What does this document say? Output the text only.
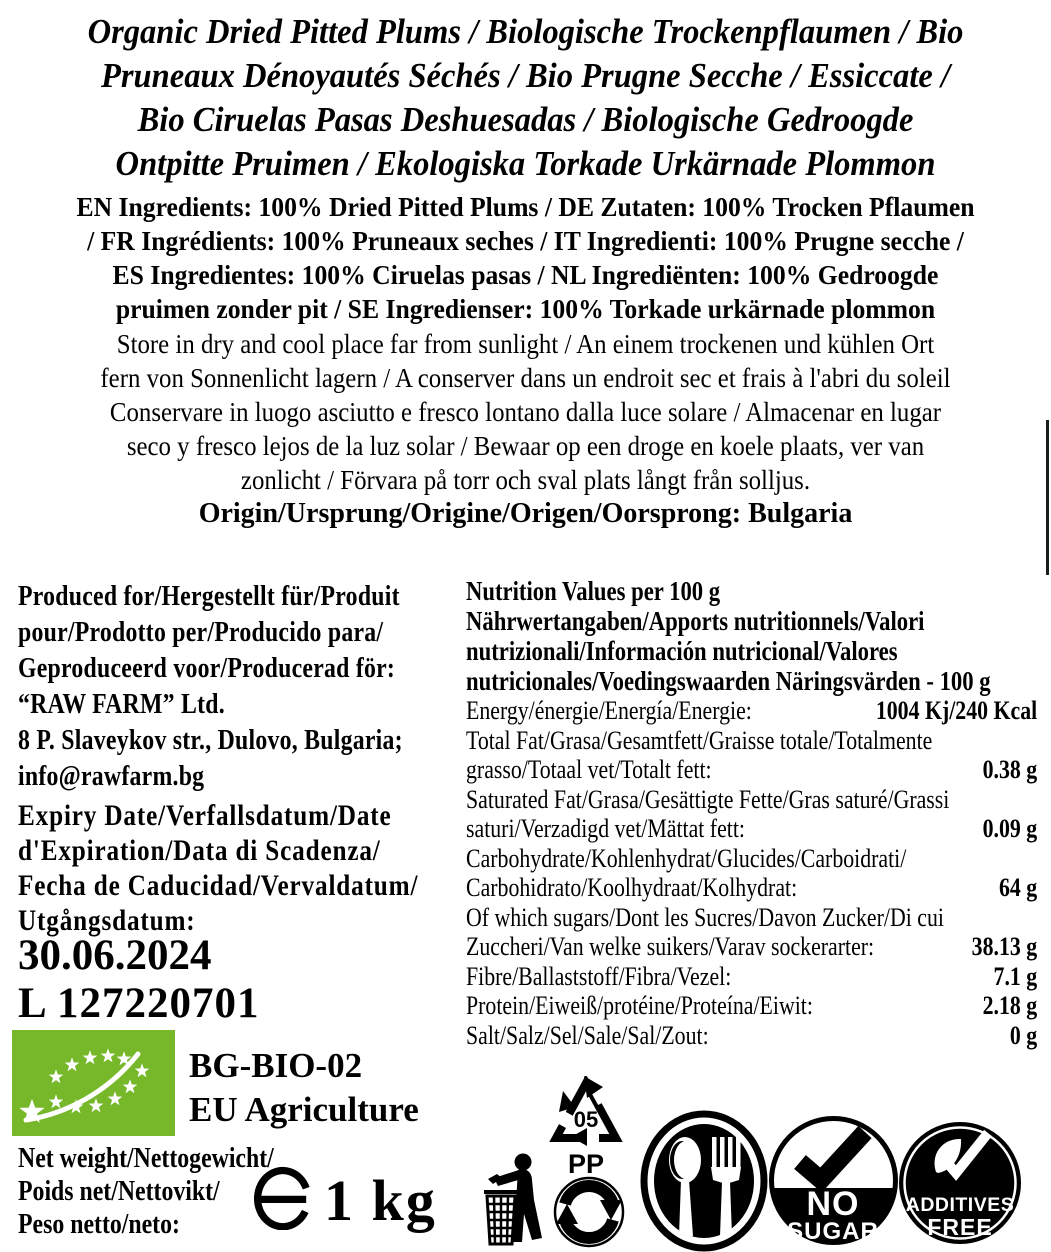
Organic Dried Pitted Plums / Biologische Trockenpflaumen / Bio
Pruneaux Dénoyautés Séchés / Bio Prugne Secche / Essiccate /
Bio Ciruelas Pasas Deshuesadas / Biologische Gedroogde
Ontpitte Pruimen / Ekologiska Torkade Urkärnade Plommon
EN Ingredients: 100% Dried Pitted Plums / DE Zutaten: 100% Trocken Pflaumen
/ FR Ingrédients: 100% Pruneaux seches / IT Ingredienti: 100% Prugne secche /
ES Ingredientes: 100% Ciruelas pasas / NL Ingrediënten: 100% Gedroogde
pruimen zonder pit / SE Ingredienser: 100% Torkade urkärnade plommon
Store in dry and cool place far from sunlight / An einem trockenen und kühlen Ort
fern von Sonnenlicht lagern / A conserver dans un endroit sec et frais à l'abri du soleil
Conservare in luogo asciutto e fresco lontano dalla luce solare / Almacenar en lugar
seco y fresco lejos de la luz solar / Bewaar op een droge en koele plaats, ver van
zonlicht / Förvara på torr och sval plats långt från solljus.
Origin/Ursprung/Origine/Origen/Oorsprong: Bulgaria
Produced for/Hergestellt für/Produit
pour/Prodotto per/Producido para/
Geproduceerd voor/Producerad för:
“RAW FARM” Ltd.
8 P. Slaveykov str., Dulovo, Bulgaria;
info@rawfarm.bg
Expiry Date/Verfallsdatum/Date
d'Expiration/Data di Scadenza/
Fecha de Caducidad/Vervaldatum/
Utgångsdatum:
30.06.2024
L 127220701
BG-BIO-02
EU Agriculture
Net weight/Nettogewicht/
Poids net/Nettovikt/
Peso netto/neto:	1 kg
Nutrition Values per 100 g
Nährwertangaben/Apports nutritionnels/Valori
nutrizionali/Información nutricional/Valores
nutricionales/Voedingswaarden Näringsvärden - 100 g
Energy/énergie/Energía/Energie:	1004 Kj/240 Kcal
Total Fat/Grasa/Gesamtfett/Graisse totale/Totalmente grasso/Totaal vet/Totalt fett:	0.38 g
Saturated Fat/Grasa/Gesättigte Fette/Gras saturé/Grassi saturi/Verzadigd vet/Mättat fett:	0.09 g
Carbohydrate/Kohlenhydrat/Glucides/Carboidrati/ Carbohidrato/Koolhydraat/Kolhydrat:	64 g
Of which sugars/Dont les Sucres/Davon Zucker/Di cui Zuccheri/Van welke suikers/Varav sockerarter:	38.13 g
Fibre/Ballaststoff/Fibra/Vezel:	7.1 g
Protein/Eiweiß/protéine/Proteína/Eiwit:	2.18 g
Salt/Salz/Sel/Sale/Sal/Zout:	0 g
05
PP
NO
SUGAR
ADDITIVES
FREE
